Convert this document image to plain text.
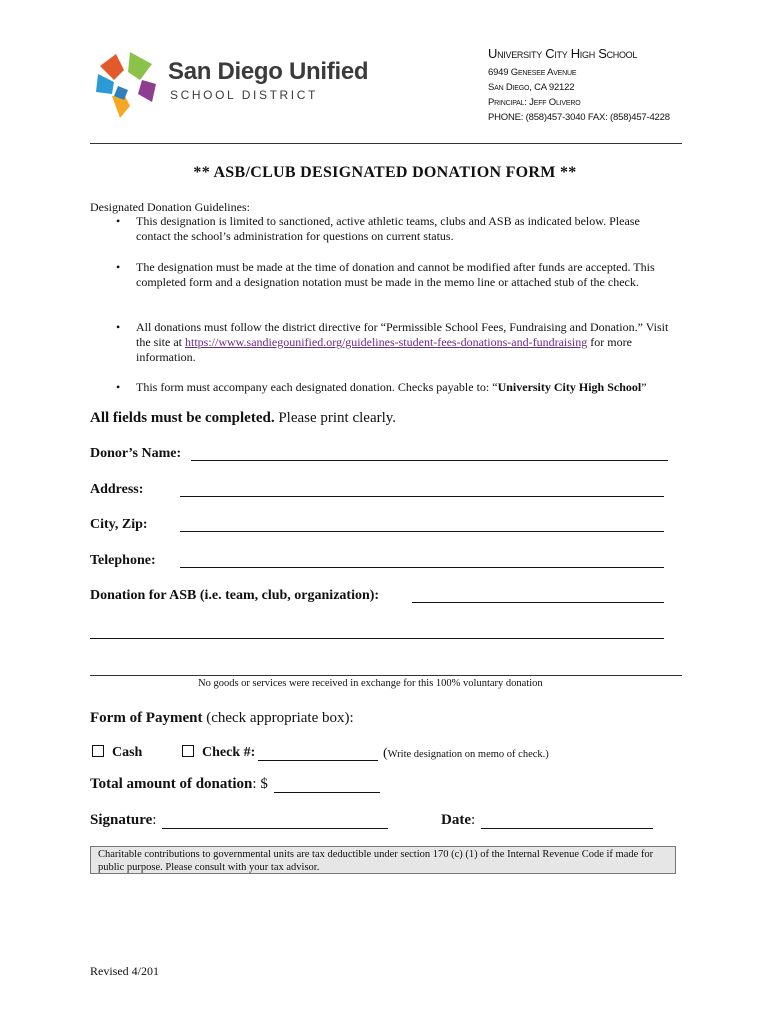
San Diego Unified
SCHOOL DISTRICT
University City High School
6949 Genesee Avenue
San Diego, CA 92122
Principal: Jeff Olivero
PHONE: (858)457-3040 FAX: (858)457-4228
** ASB/CLUB DESIGNATED DONATION FORM **
Designated Donation Guidelines:
• This designation is limited to sanctioned, active athletic teams, clubs and ASB as indicated below. Please contact the school’s administration for questions on current status.
• The designation must be made at the time of donation and cannot be modified after funds are accepted. This completed form and a designation notation must be made in the memo line or attached stub of the check.
• All donations must follow the district directive for “Permissible School Fees, Fundraising and Donation.” Visit the site at https://www.sandiegounified.org/guidelines-student-fees-donations-and-fundraising for more information.
• This form must accompany each designated donation. Checks payable to: “University City High School”
All fields must be completed. Please print clearly.
Donor’s Name:
Address:
City, Zip:
Telephone:
Donation for ASB (i.e. team, club, organization):
No goods or services were received in exchange for this 100% voluntary donation
Form of Payment (check appropriate box):
Cash	Check #:	(Write designation on memo of check.)
Total amount of donation: $
Signature:	Date:
Charitable contributions to governmental units are tax deductible under section 170 (c) (1) of the Internal Revenue Code if made for public purpose. Please consult with your tax advisor.
Revised 4/201
